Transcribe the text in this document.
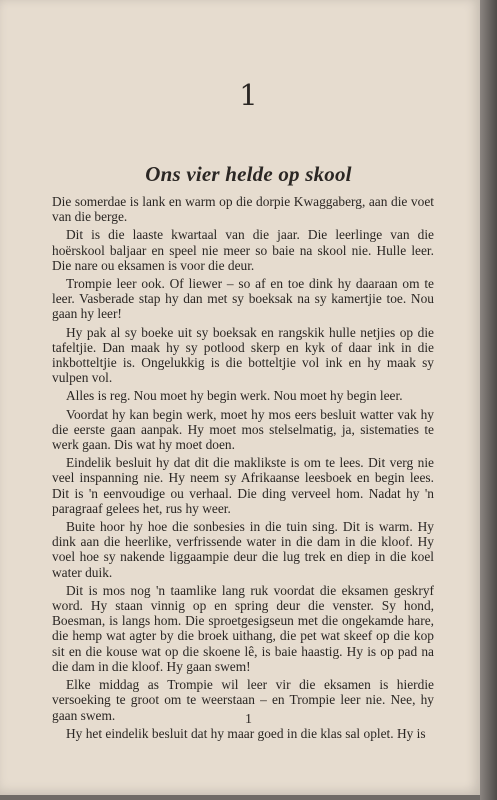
1
Ons vier helde op skool

Die somerdae is lank en warm op die dorpie Kwaggaberg, aan die voet van die berge.

Dit is die laaste kwartaal van die jaar. Die leerlinge van die hoërskool baljaar en speel nie meer so baie na skool nie. Hulle leer. Die nare ou eksamen is voor die deur.

Trompie leer ook. Of liewer – so af en toe dink hy daaraan om te leer. Vasberade stap hy dan met sy boeksak na sy kamertjie toe. Nou gaan hy leer!

Hy pak al sy boeke uit sy boeksak en rangskik hulle netjies op die tafeltjie. Dan maak hy sy potlood skerp en kyk of daar ink in die inkbotteltjie is. Ongelukkig is die botteltjie vol ink en hy maak sy vulpen vol.

Alles is reg. Nou moet hy begin werk. Nou moet hy begin leer.

Voordat hy kan begin werk, moet hy mos eers besluit watter vak hy die eerste gaan aanpak. Hy moet mos stelselmatig, ja, sistematies te werk gaan. Dis wat hy moet doen.

Eindelik besluit hy dat dit die maklikste is om te lees. Dit verg nie veel inspanning nie. Hy neem sy Afrikaanse leesboek en begin lees. Dit is 'n eenvoudige ou verhaal. Die ding verveel hom. Nadat hy 'n paragraaf gelees het, rus hy weer.

Buite hoor hy hoe die sonbesies in die tuin sing. Dit is warm. Hy dink aan die heerlike, verfrissende water in die dam in die kloof. Hy voel hoe sy nakende liggaampie deur die lug trek en diep in die koel water duik.

Dit is mos nog 'n taamlike lang ruk voordat die eksamen geskryf word. Hy staan vinnig op en spring deur die venster. Sy hond, Boesman, is langs hom. Die sproetgesigseun met die ongekamde hare, die hemp wat agter by die broek uithang, die pet wat skeef op die kop sit en die kouse wat op die skoene lê, is baie haastig. Hy is op pad na die dam in die kloof. Hy gaan swem!

Elke middag as Trompie wil leer vir die eksamen is hierdie versoeking te groot om te weerstaan – en Trompie leer nie. Nee, hy gaan swem.

Hy het eindelik besluit dat hy maar goed in die klas sal oplet. Hy is

1
